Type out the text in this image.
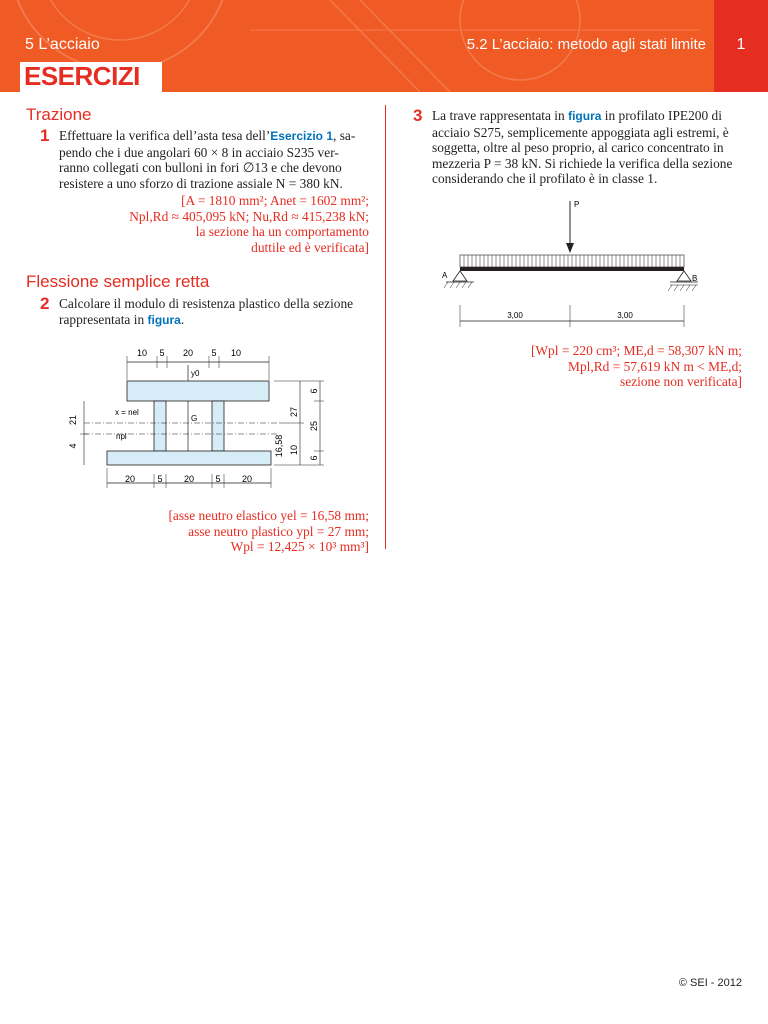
5 L’acciaio	5.2 L’acciaio: metodo agli stati limite	1
ESERCIZI
Trazione
1 Effettuare la verifica dell’asta tesa dell’Esercizio 1, sa-
pendo che i due angolari 60 × 8 in acciaio S235 ver-
ranno collegati con bulloni in fori ∅13 e che devono
resistere a uno sforzo di trazione assiale N = 380 kN.
[A = 1810 mm²; Anet = 1602 mm²;
Npl,Rd ≈ 405,095 kN; Nu,Rd ≈ 415,238 kN;
la sezione ha un comportamento
duttile ed è verificata]
Flessione semplice retta
2 Calcolare il modulo di resistenza plastico della sezione
rappresentata in figura.
10 5 20 5 10
y0
x = nel
G
npl
21
4
6
25
27
10
6
16,58
20 5 20 5 20
[asse neutro elastico yel = 16,58 mm;
asse neutro plastico ypl = 27 mm;
Wpl = 12,425 × 10³ mm³]
3 La trave rappresentata in figura in profilato IPE200 di
acciaio S275, semplicemente appoggiata agli estremi, è
soggetta, oltre al peso proprio, al carico concentrato in
mezzeria P = 38 kN. Si richiede la verifica della sezione
considerando che il profilato è in classe 1.
P
A	B
3,00	3,00
[Wpl = 220 cm³; ME,d = 58,307 kN m;
Mpl,Rd = 57,619 kN m < ME,d;
sezione non verificata]
© SEI - 2012
